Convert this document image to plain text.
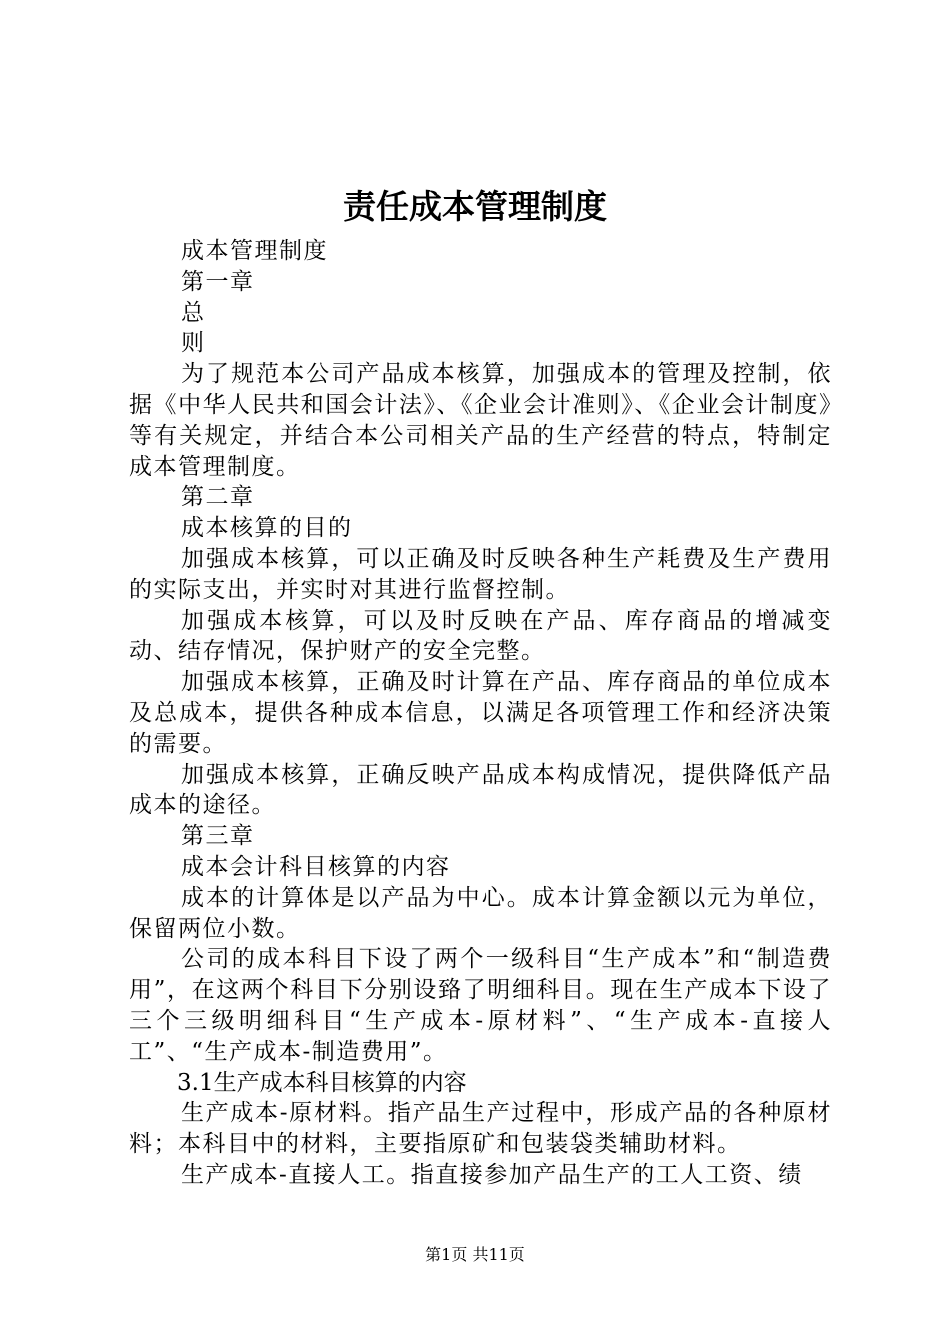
责任成本管理制度

成本管理制度

第一章

总

则

为了规范本公司产品成本核算，加强成本的管理及控制，依据《中华人民共和国会计法》、《企业会计准则》、《企业会计制度》等有关规定，并结合本公司相关产品的生产经营的特点，特制定成本管理制度。

第二章

成本核算的目的

加强成本核算，可以正确及时反映各种生产耗费及生产费用的实际支出，并实时对其进行监督控制。

加强成本核算，可以及时反映在产品、库存商品的增减变动、结存情况，保护财产的安全完整。

加强成本核算，正确及时计算在产品、库存商品的单位成本及总成本，提供各种成本信息，以满足各项管理工作和经济决策的需要。

加强成本核算，正确反映产品成本构成情况，提供降低产品成本的途径。

第三章

成本会计科目核算的内容

成本的计算体是以产品为中心。成本计算金额以元为单位，保留两位小数。

公司的成本科目下设了两个一级科目“生产成本”和“制造费用”，在这两个科目下分别设臵了明细科目。现在生产成本下设了三个三级明细科目“生产成本-原材料”、“生产成本-直接人工”、“生产成本-制造费用”。

3.1生产成本科目核算的内容

生产成本-原材料。指产品生产过程中，形成产品的各种原材料；本科目中的材料，主要指原矿和包装袋类辅助材料。

生产成本-直接人工。指直接参加产品生产的工人工资、绩

第1页 共11页
